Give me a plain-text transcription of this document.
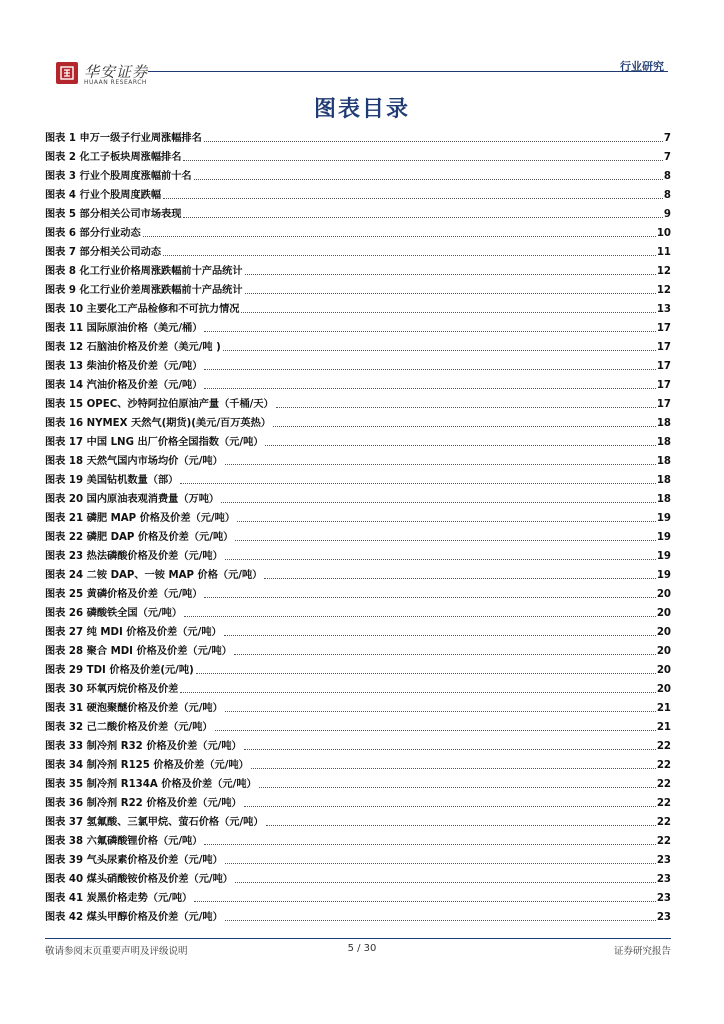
华安证券
HUAAN RESEARCH
行业研究
图表目录
图表 1 申万一级子行业周涨幅排名	7
图表 2 化工子板块周涨幅排名	7
图表 3 行业个股周度涨幅前十名	8
图表 4 行业个股周度跌幅	8
图表 5 部分相关公司市场表现	9
图表 6 部分行业动态	10
图表 7 部分相关公司动态	11
图表 8 化工行业价格周涨跌幅前十产品统计	12
图表 9 化工行业价差周涨跌幅前十产品统计	12
图表 10 主要化工产品检修和不可抗力情况	13
图表 11 国际原油价格（美元/桶）	17
图表 12 石脑油价格及价差（美元/吨 )	17
图表 13 柴油价格及价差（元/吨）	17
图表 14 汽油价格及价差（元/吨）	17
图表 15 OPEC、沙特阿拉伯原油产量（千桶/天）	17
图表 16 NYMEX 天然气(期货)(美元/百万英热）	18
图表 17 中国 LNG 出厂价格全国指数（元/吨）	18
图表 18 天然气国内市场均价（元/吨）	18
图表 19 美国钻机数量（部）	18
图表 20 国内原油表观消费量（万吨）	18
图表 21 磷肥 MAP 价格及价差（元/吨）	19
图表 22 磷肥 DAP 价格及价差（元/吨）	19
图表 23 热法磷酸价格及价差（元/吨）	19
图表 24 二铵 DAP、一铵 MAP 价格（元/吨）	19
图表 25 黄磷价格及价差（元/吨）	20
图表 26 磷酸铁全国（元/吨）	20
图表 27 纯 MDI 价格及价差（元/吨）	20
图表 28 聚合 MDI 价格及价差（元/吨）	20
图表 29 TDI 价格及价差(元/吨)	20
图表 30 环氧丙烷价格及价差	20
图表 31 硬泡聚醚价格及价差（元/吨）	21
图表 32 己二酸价格及价差（元/吨）	21
图表 33 制冷剂 R32 价格及价差（元/吨）	22
图表 34 制冷剂 R125 价格及价差（元/吨）	22
图表 35 制冷剂 R134A 价格及价差（元/吨）	22
图表 36 制冷剂 R22 价格及价差（元/吨）	22
图表 37 氢氟酸、三氯甲烷、萤石价格（元/吨）	22
图表 38 六氟磷酸锂价格（元/吨）	22
图表 39 气头尿素价格及价差（元/吨）	23
图表 40 煤头硝酸铵价格及价差（元/吨）	23
图表 41 炭黑价格走势（元/吨）	23
图表 42 煤头甲醇价格及价差（元/吨）	23
敬请参阅末页重要声明及评级说明	5 / 30	证券研究报告
